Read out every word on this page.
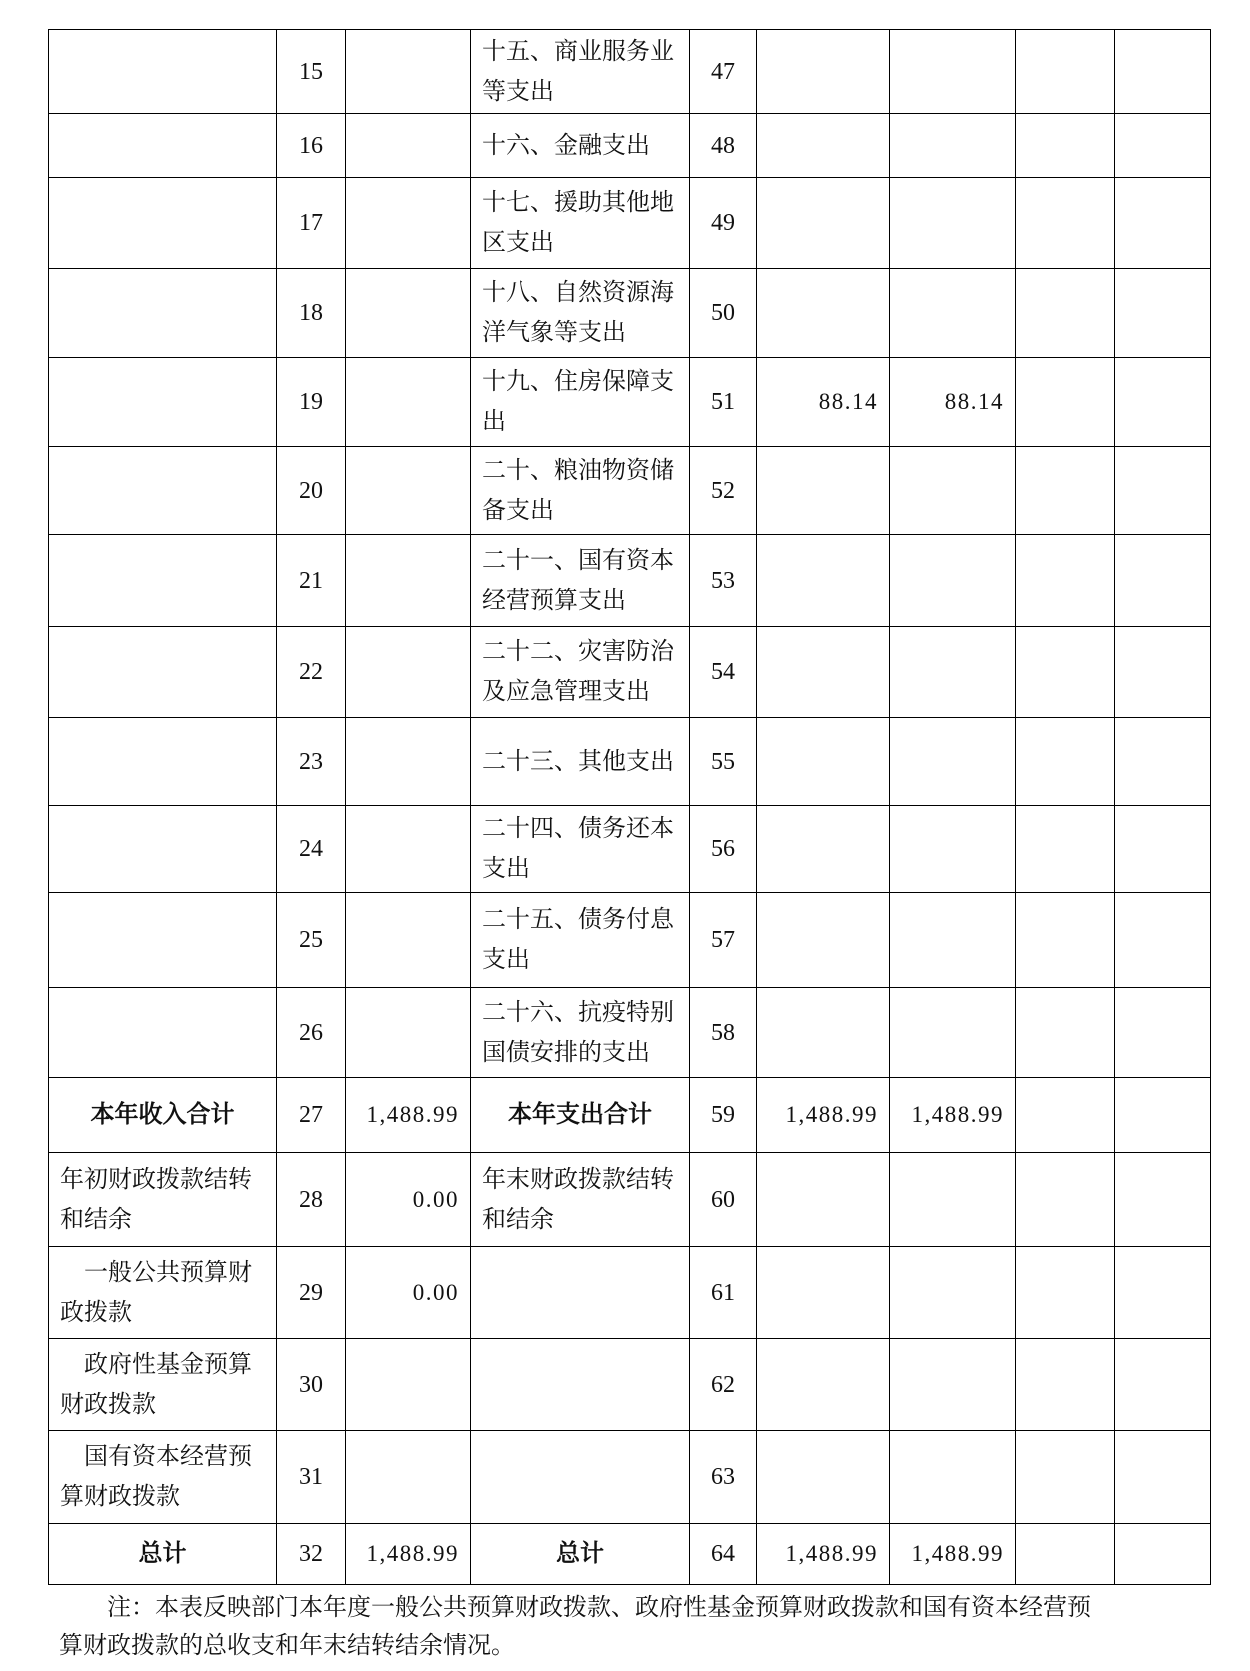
	15		十五、商业服务业等支出	47				
	16		十六、金融支出	48				
	17		十七、援助其他地区支出	49				
	18		十八、自然资源海洋气象等支出	50				
	19		十九、住房保障支出	51	88.14	88.14		
	20		二十、粮油物资储备支出	52				
	21		二十一、国有资本经营预算支出	53				
	22		二十二、灾害防治及应急管理支出	54				
	23		二十三、其他支出	55				
	24		二十四、债务还本支出	56				
	25		二十五、债务付息支出	57				
	26		二十六、抗疫特别国债安排的支出	58				
本年收入合计	27	1,488.99	本年支出合计	59	1,488.99	1,488.99		
年初财政拨款结转和结余	28	0.00	年末财政拨款结转和结余	60				
一般公共预算财政拨款	29	0.00		61				
政府性基金预算财政拨款	30			62				
国有资本经营预算财政拨款	31			63				
总计	32	1,488.99	总计	64	1,488.99	1,488.99		

注：本表反映部门本年度一般公共预算财政拨款、政府性基金预算财政拨款和国有资本经营预算财政拨款的总收支和年末结转结余情况。
